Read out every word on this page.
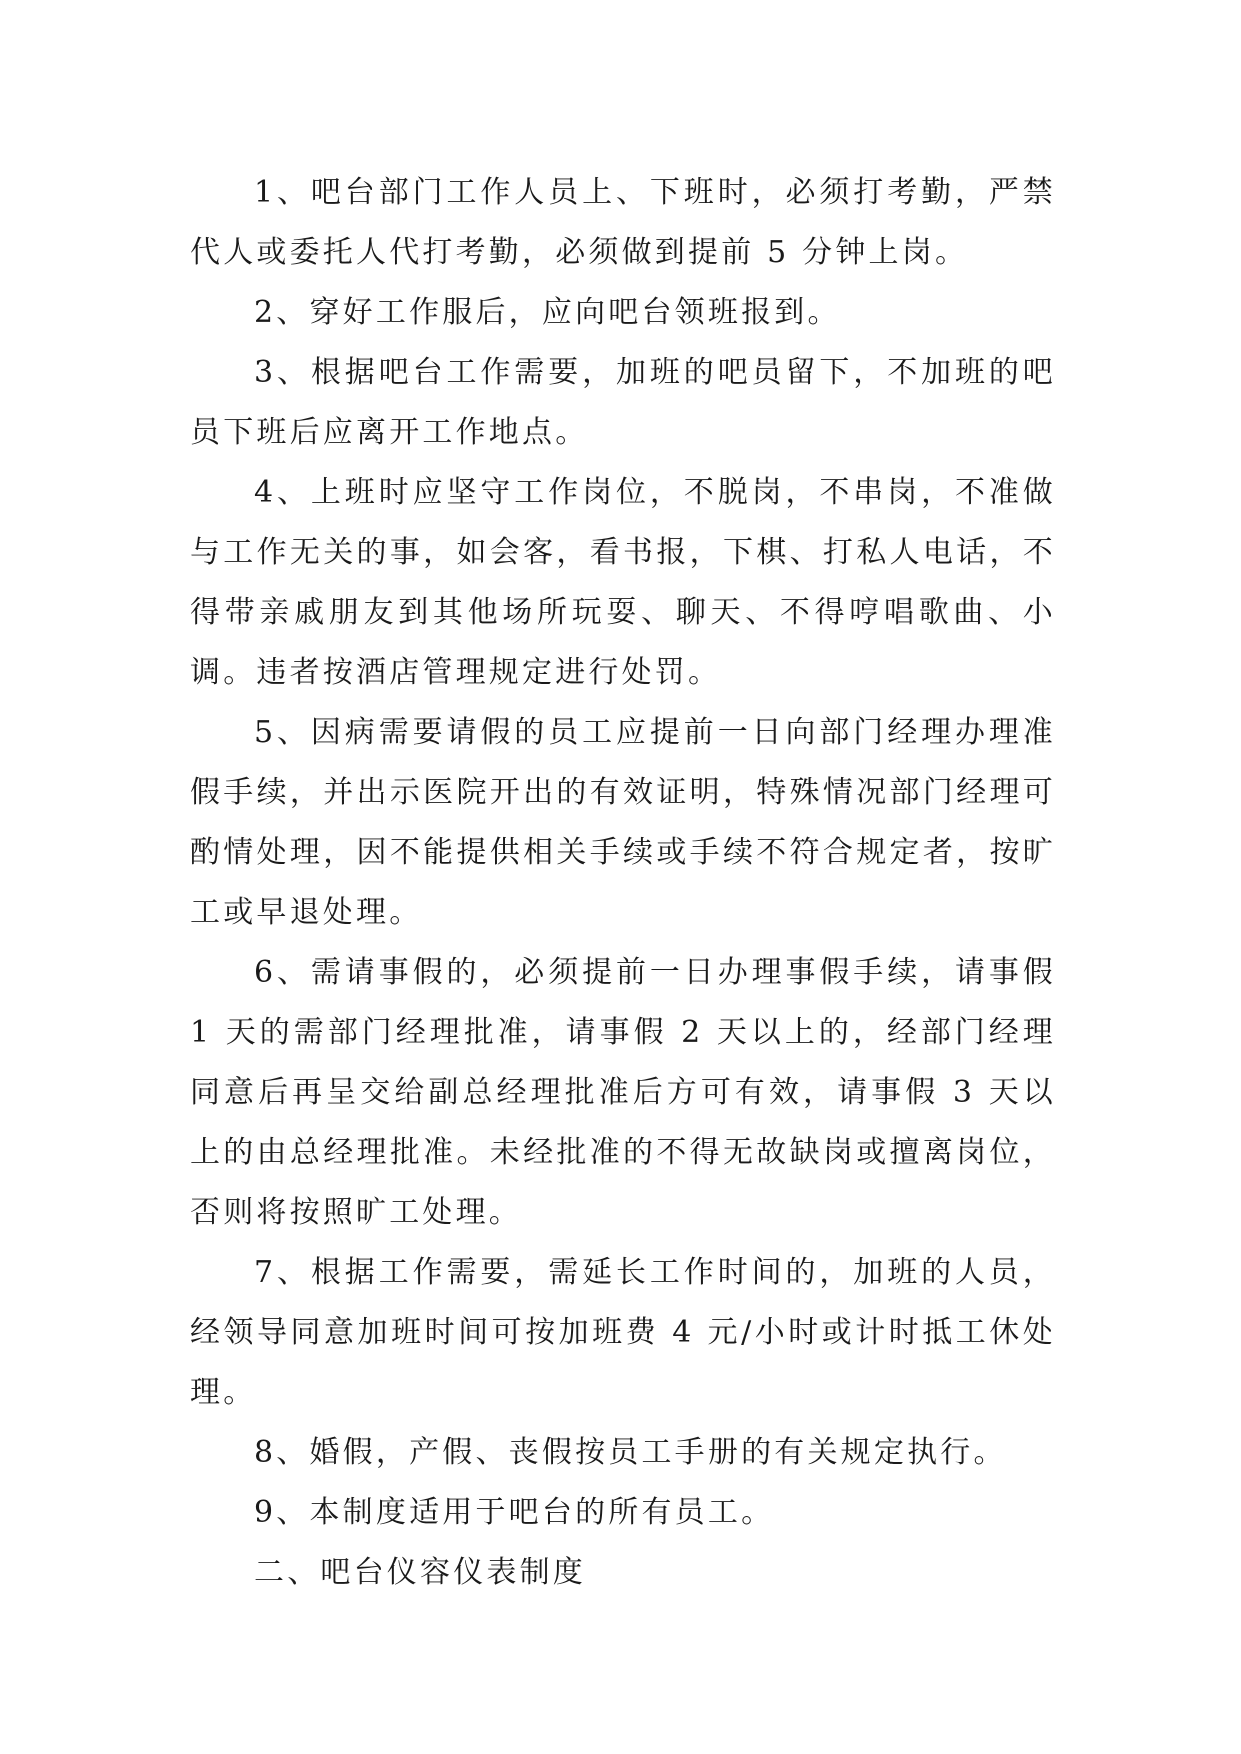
1、吧台部门工作人员上、下班时，必须打考勤，严禁代人或委托人代打考勤，必须做到提前 5 分钟上岗。

2、穿好工作服后，应向吧台领班报到。

3、根据吧台工作需要，加班的吧员留下，不加班的吧员下班后应离开工作地点。

4、上班时应坚守工作岗位，不脱岗，不串岗，不准做与工作无关的事，如会客，看书报，下棋、打私人电话，不得带亲戚朋友到其他场所玩耍、聊天、不得哼唱歌曲、小调。违者按酒店管理规定进行处罚。

5、因病需要请假的员工应提前一日向部门经理办理准假手续，并出示医院开出的有效证明，特殊情况部门经理可酌情处理，因不能提供相关手续或手续不符合规定者，按旷工或早退处理。

6、需请事假的，必须提前一日办理事假手续，请事假 1 天的需部门经理批准，请事假 2 天以上的，经部门经理同意后再呈交给副总经理批准后方可有效，请事假 3 天以上的由总经理批准。未经批准的不得无故缺岗或擅离岗位，否则将按照旷工处理。

7、根据工作需要，需延长工作时间的，加班的人员，经领导同意加班时间可按加班费 4 元/小时或计时抵工休处理。

8、婚假，产假、丧假按员工手册的有关规定执行。

9、本制度适用于吧台的所有员工。

二、吧台仪容仪表制度
